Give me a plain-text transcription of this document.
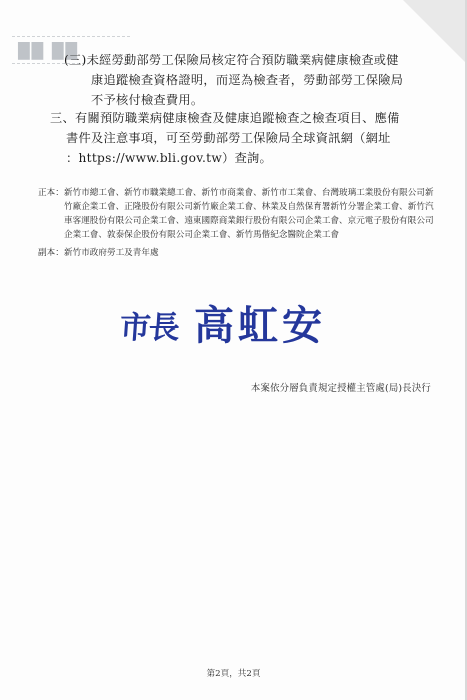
██ ██
(三)未經勞動部勞工保險局核定符合預防職業病健康檢查或健
康追蹤檢查資格證明，而逕為檢查者，勞動部勞工保險局
不予核付檢查費用。
三、有關預防職業病健康檢查及健康追蹤檢查之檢查項目、應備
書件及注意事項，可至勞動部勞工保險局全球資訊網（網址
：https://www.bli.gov.tw）查詢。
正本：新竹市總工會、新竹市職業總工會、新竹市商業會、新竹市工業會、台灣玻璃工業股份有限公司新竹廠企業工會、正隆股份有限公司新竹廠企業工會、林業及自然保育署新竹分署企業工會、新竹汽車客運股份有限公司企業工會、遠東國際商業銀行股份有限公司企業工會、京元電子股份有限公司企業工會、敦泰保企股份有限公司企業工會、新竹馬偕紀念醫院企業工會
副本：新竹市政府勞工及青年處
市長 高虹安
本案依分層負責規定授權主管處(局)長決行
第2頁，共2頁
